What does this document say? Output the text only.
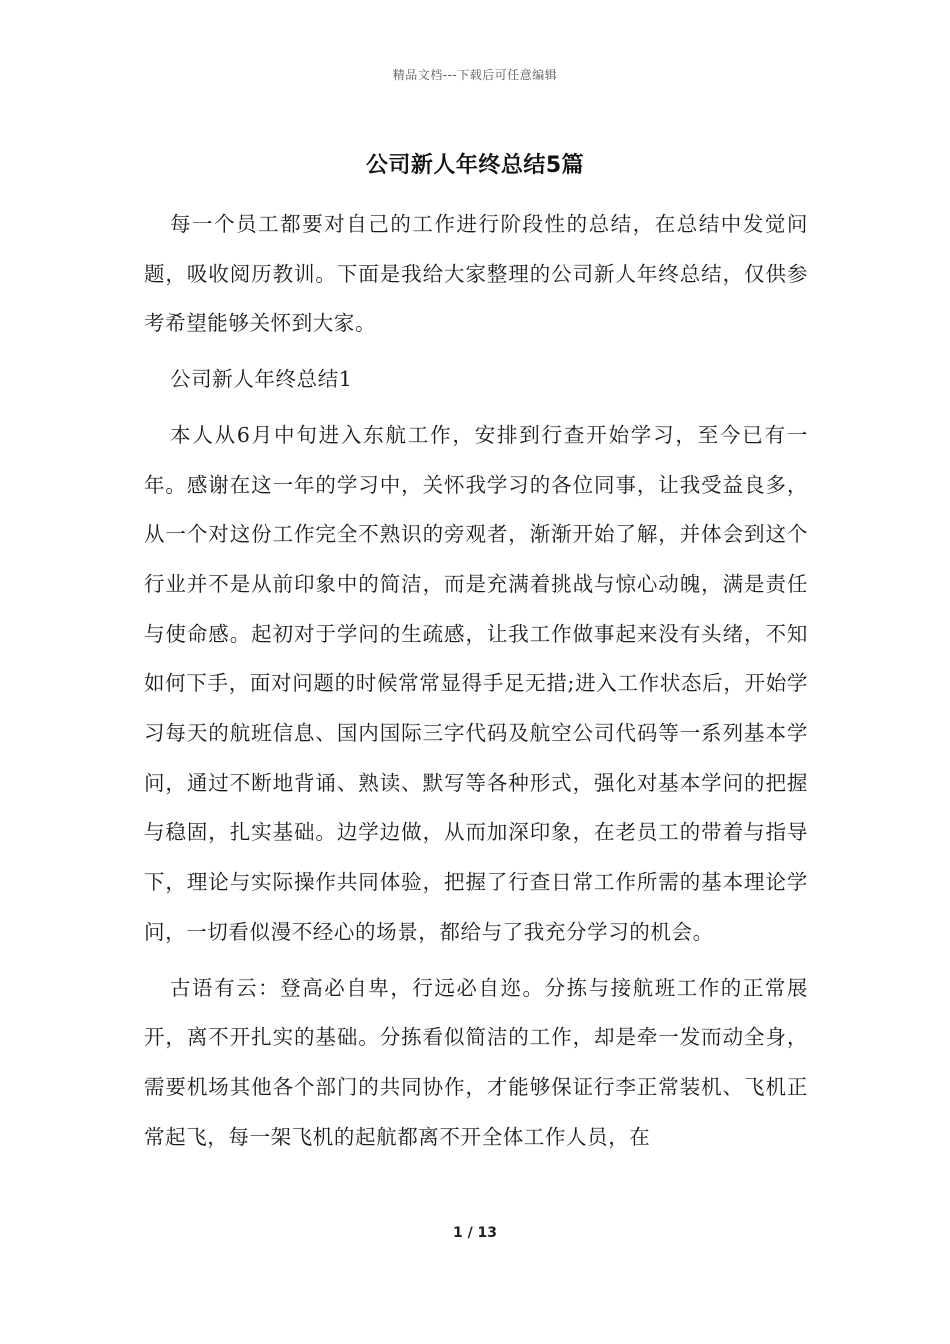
精品文档---下载后可任意编辑
公司新人年终总结5篇

每一个员工都要对自己的工作进行阶段性的总结，在总结中发觉问题，吸收阅历教训。下面是我给大家整理的公司新人年终总结，仅供参考希望能够关怀到大家。

公司新人年终总结1

本人从6月中旬进入东航工作，安排到行查开始学习，至今已有一年。感谢在这一年的学习中，关怀我学习的各位同事，让我受益良多，从一个对这份工作完全不熟识的旁观者，渐渐开始了解，并体会到这个行业并不是从前印象中的简洁，而是充满着挑战与惊心动魄，满是责任与使命感。起初对于学问的生疏感，让我工作做事起来没有头绪，不知如何下手，面对问题的时候常常显得手足无措;进入工作状态后，开始学习每天的航班信息、国内国际三字代码及航空公司代码等一系列基本学问，通过不断地背诵、熟读、默写等各种形式，强化对基本学问的把握与稳固，扎实基础。边学边做，从而加深印象，在老员工的带着与指导下，理论与实际操作共同体验，把握了行查日常工作所需的基本理论学问，一切看似漫不经心的场景，都给与了我充分学习的机会。

古语有云：登高必自卑，行远必自迩。分拣与接航班工作的正常展开，离不开扎实的基础。分拣看似简洁的工作，却是牵一发而动全身，需要机场其他各个部门的共同协作，才能够保证行李正常装机、飞机正常起飞，每一架飞机的起航都离不开全体工作人员，在

1 / 13
